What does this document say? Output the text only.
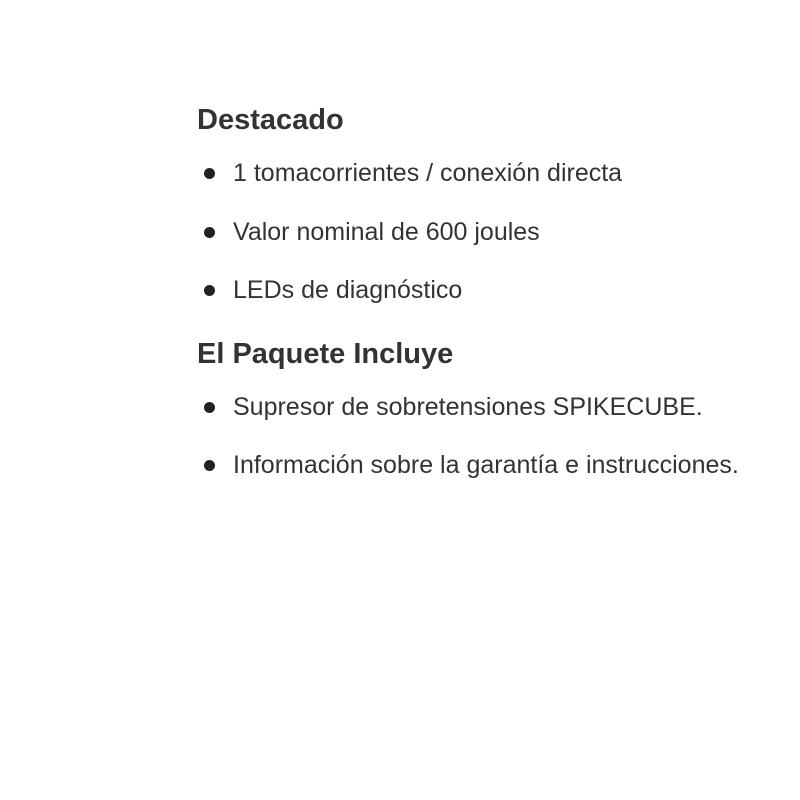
Destacado
1 tomacorrientes / conexión directa
Valor nominal de 600 joules
LEDs de diagnóstico
El Paquete Incluye
Supresor de sobretensiones SPIKECUBE.
Información sobre la garantía e instrucciones.
